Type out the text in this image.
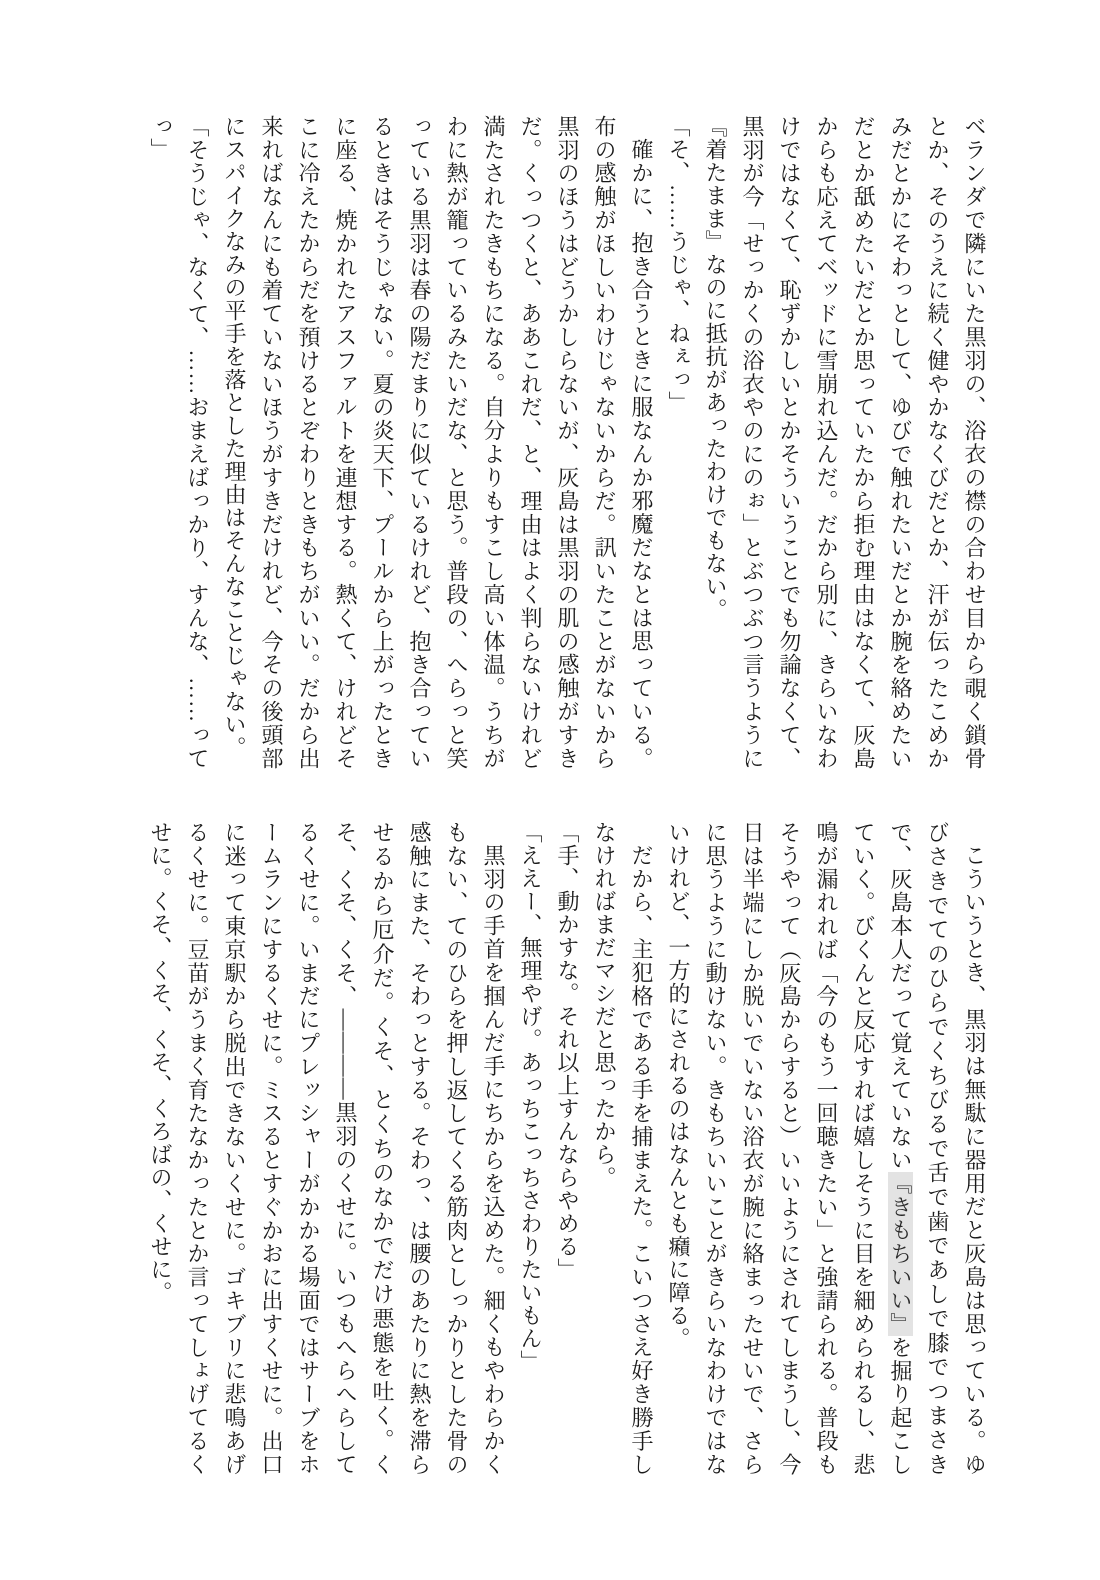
ベランダで隣にいた黒羽の、浴衣の襟の合わせ目から覗く鎖骨とか、そのうえに続く健やかなくびだとか、汗が伝ったこめかみだとかにそわっとして、ゆびで触れたいだとか腕を絡めたいだとか舐めたいだとか思っていたから拒む理由はなくて、灰島からも応えてベッドに雪崩れ込んだ。だから別に、きらいなわけではなくて、恥ずかしいとかそういうことでも勿論なくて、黒羽が今「せっかくの浴衣やのにのぉ」とぶつぶつ言うように『着たまま』なのに抵抗があったわけでもない。

「そ、……うじゃ、ねぇっ」

確かに、抱き合うときに服なんか邪魔だなとは思っている。布の感触がほしいわけじゃないからだ。訊いたことがないから黒羽のほうはどうかしらないが、灰島は黒羽の肌の感触がすきだ。くっつくと、ああこれだ、と、理由はよく判らないけれど満たされたきもちになる。自分よりもすこし高い体温。うちがわに熱が籠っているみたいだな、と思う。普段の、へらっと笑っている黒羽は春の陽だまりに似ているけれど、抱き合っているときはそうじゃない。夏の炎天下、プールから上がったときに座る、焼かれたアスファルトを連想する。熱くて、けれどそこに冷えたからだを預けるとぞわりときもちがいい。だから出来ればなんにも着ていないほうがすきだけれど、今その後頭部にスパイクなみの平手を落とした理由はそんなことじゃない。

「そうじゃ、なくて、……おまえばっかり、すんな、……ってっ」

こういうとき、黒羽は無駄に器用だと灰島は思っている。ゆびさきでてのひらでくちびるで舌で歯であしで膝でつまさきで、灰島本人だって覚えていない『きもちいい』を掘り起こしていく。びくんと反応すれば嬉しそうに目を細められるし、悲鳴が漏れれば「今のもう一回聴きたい」と強請られる。普段もそうやって（灰島からすると）いいようにされてしまうし、今日は半端にしか脱いでいない浴衣が腕に絡まったせいで、さらに思うように動けない。きもちいいことがきらいなわけではないけれど、一方的にされるのはなんとも癪に障る。

だから、主犯格である手を捕まえた。こいつさえ好き勝手しなければまだマシだと思ったから。

「手、動かすな。それ以上すんならやめる」

「ええー、無理やげ。あっちこっちさわりたいもん」

黒羽の手首を掴んだ手にちからを込めた。細くもやわらかくもない、てのひらを押し返してくる筋肉としっかりとした骨の感触にまた、そわっとする。そわっ、は腰のあたりに熱を滞らせるから厄介だ。くそ、とくちのなかでだけ悪態を吐く。くそ、くそ、くそ、――――黒羽のくせに。いつもへらへらしてるくせに。いまだにプレッシャーがかかる場面ではサーブをホームランにするくせに。ミスるとすぐかおに出すくせに。出口に迷って東京駅から脱出できないくせに。ゴキブリに悲鳴あげるくせに。豆苗がうまく育たなかったとか言ってしょげてるくせに。くそ、くそ、くそ、くろばの、くせに。
